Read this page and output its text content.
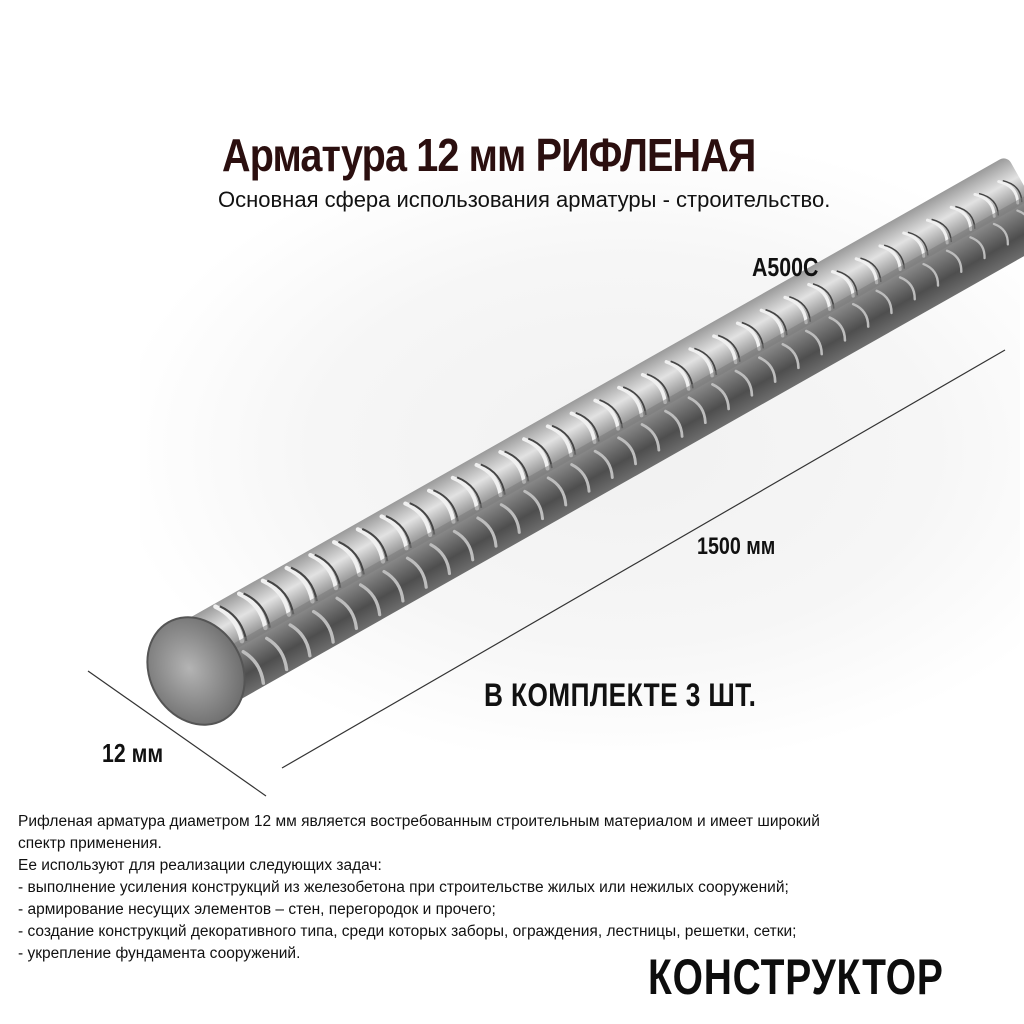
Арматура 12 мм РИФЛЕНАЯ
Основная сфера использования арматуры - строительство.
А500С
1500 мм
В КОМПЛЕКТЕ 3 ШТ.
12 мм
Рифленая арматура диаметром 12 мм является востребованным строительным материалом и имеет широкий
спектр применения.
Ее используют для реализации следующих задач:
- выполнение усиления конструкций из железобетона при строительстве жилых или нежилых сооружений;
- армирование несущих элементов – стен, перегородок и прочего;
- создание конструкций декоративного типа, среди которых заборы, ограждения, лестницы, решетки, сетки;
- укрепление фундамента сооружений.	КОНСТРУКТОР
